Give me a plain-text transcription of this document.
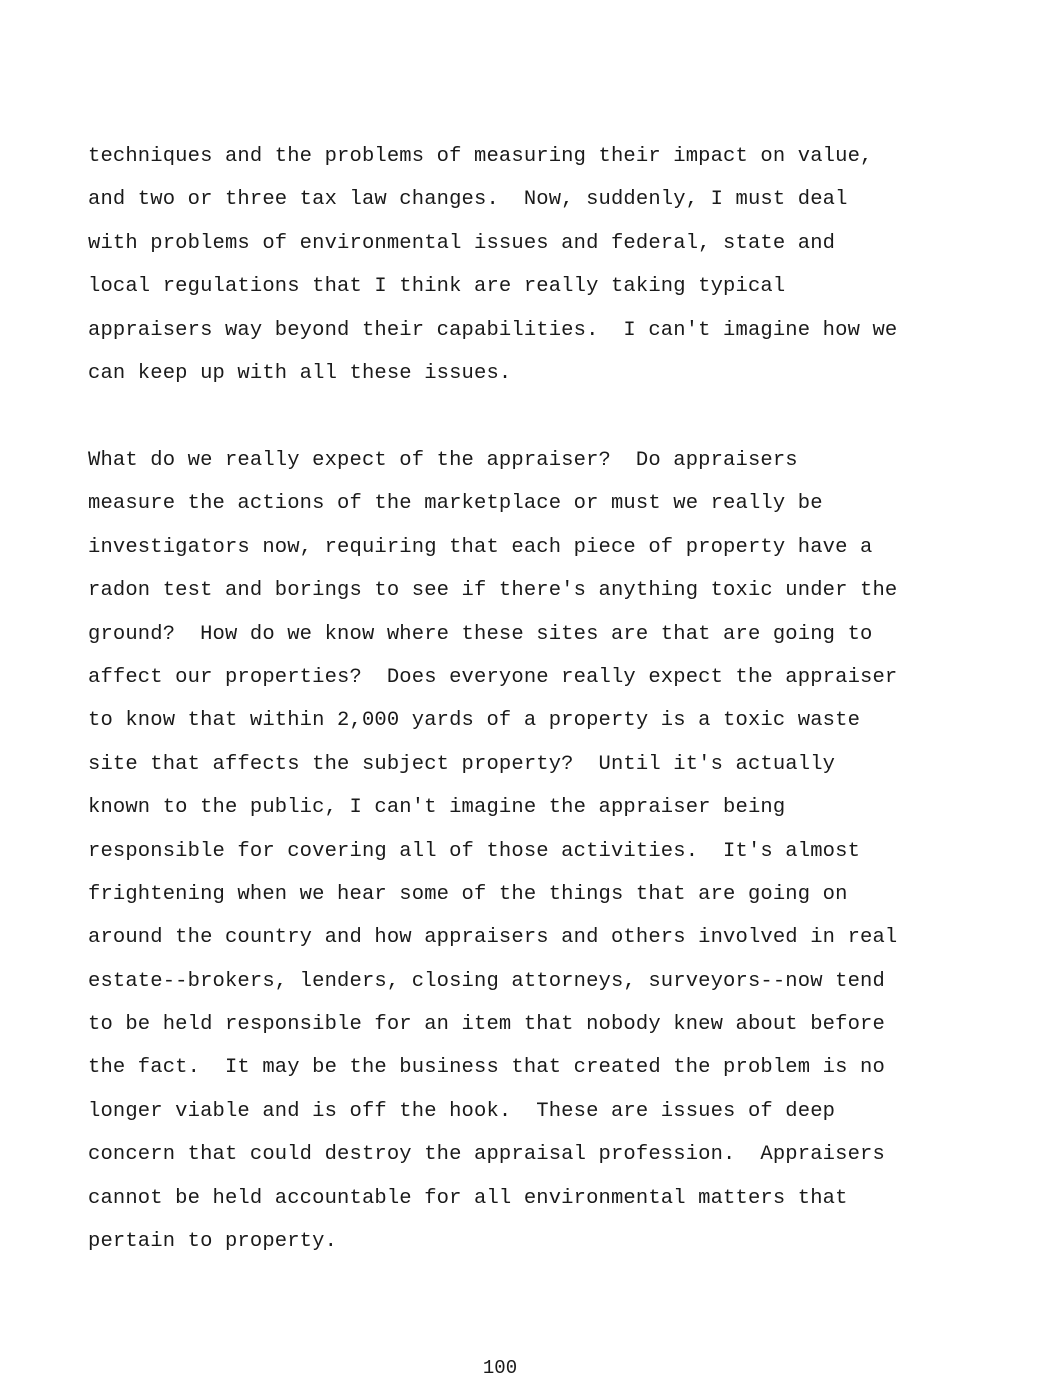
techniques and the problems of measuring their impact on value,
and two or three tax law changes.  Now, suddenly, I must deal
with problems of environmental issues and federal, state and
local regulations that I think are really taking typical
appraisers way beyond their capabilities.  I can't imagine how we
can keep up with all these issues.
What do we really expect of the appraiser?  Do appraisers
measure the actions of the marketplace or must we really be
investigators now, requiring that each piece of property have a
radon test and borings to see if there's anything toxic under the
ground?  How do we know where these sites are that are going to
affect our properties?  Does everyone really expect the appraiser
to know that within 2,000 yards of a property is a toxic waste
site that affects the subject property?  Until it's actually
known to the public, I can't imagine the appraiser being
responsible for covering all of those activities.  It's almost
frightening when we hear some of the things that are going on
around the country and how appraisers and others involved in real
estate--brokers, lenders, closing attorneys, surveyors--now tend
to be held responsible for an item that nobody knew about before
the fact.  It may be the business that created the problem is no
longer viable and is off the hook.  These are issues of deep
concern that could destroy the appraisal profession.  Appraisers
cannot be held accountable for all environmental matters that
pertain to property.
100
